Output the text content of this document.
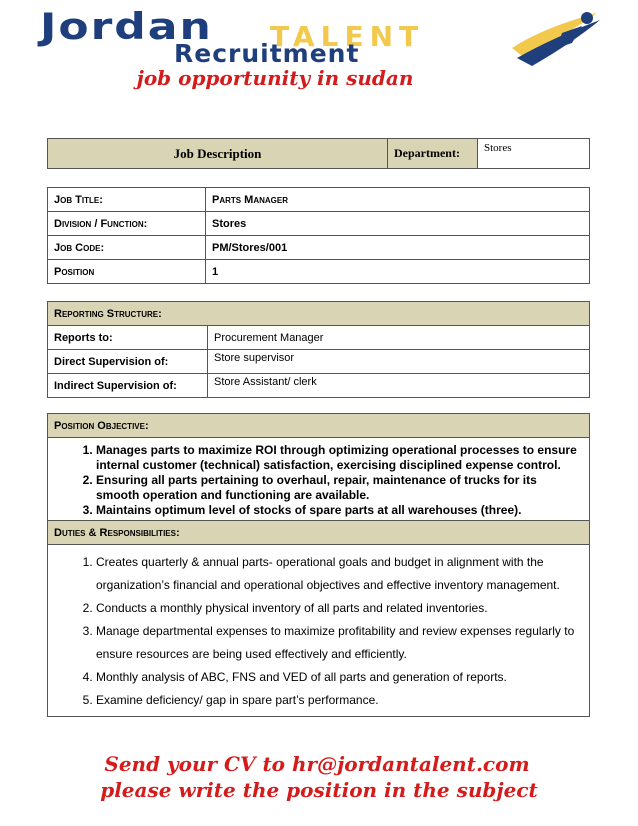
Jordan TALENT
Recruitment
job opportunity in sudan
Job Description	Department:	Stores
Job Title:	Parts Manager
Division / Function:	Stores
Job Code:	PM/Stores/001
Position	1
Reporting Structure:	
Reports to:	Procurement Manager
Direct Supervision of:	Store supervisor
Indirect Supervision of:	Store Assistant/ clerk
Position Objective:

1. Manages parts to maximize ROI through optimizing operational processes to ensure internal customer (technical) satisfaction, exercising disciplined expense control.
2. Ensuring all parts pertaining to overhaul, repair, maintenance of trucks for its smooth operation and functioning are available.
3. Maintains optimum level of stocks of spare parts at all warehouses (three).

Duties & Responsibilities:

1. Creates quarterly & annual parts- operational goals and budget in alignment with the organization’s financial and operational objectives and effective inventory management.
2. Conducts a monthly physical inventory of all parts and related inventories.
3. Manage departmental expenses to maximize profitability and review expenses regularly to ensure resources are being used effectively and efficiently.
4. Monthly analysis of ABC, FNS and VED of all parts and generation of reports.
5. Examine deficiency/ gap in spare part’s performance.
Send your CV to hr@jordantalent.com
please write the position in the subject
